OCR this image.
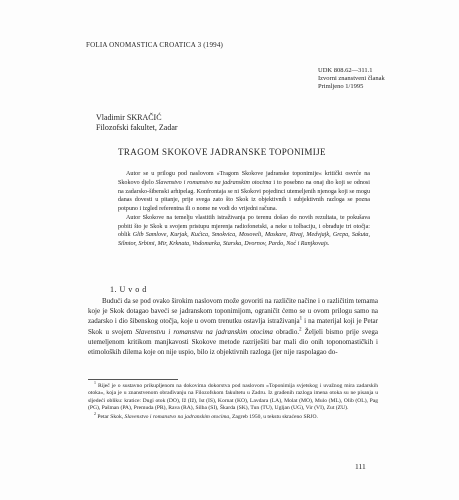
FOLIA ONOMASTICA CROATICA 3 (1994)
UDK 808.62—311.1
Izvorni znanstveni članak
Primljeno 1/1995
Vladimir SKRAČIĆ
Filozofski fakultet, Zadar
TRAGOM SKOKOVE JADRANSKE TOPONIMIJE

Autor se u prilogu pod naslovom »Tragom Skokove jadranske toponimije« kritički osvrće na Skokovo djelo Slavenstvo i romanstvo na jadranskim otocima i to posebno na onaj dio koji se odnosi na zadarsko-šibenski arhipelag. Konfrontaja se ni Skokovi pojedinci utemeljenih njenoga koji se mogu danas dovesti u pitanje, prije svega zato što Skok iz objektivnih i subjektivnih razloga se pozna potpuno i izgled referentna ili o nome ne vodi do vrijedni računa.

Autor Skokove na temelju vlastitih istraživanja po terenu došao do novih rezultata, te pokušava pobiti što je Skok u svojem pristupu mjerenja radiofonetski, a neke u tolbaciju, i obrađuje tri otočja: oblik Glib Samlove, Kurjak, Kućica, Smokvica, Mosoveli, Maskare, Rivaj, Medvjajk, Grcpa, Sakuta, Silmtor, Srbimi, Mir, Krknata, Vodomarka, Starska, Dvornov, Pardo, Noć i Ranjkovajs.

1. U v o d

Budući da se pod ovako širokim naslovom može govoriti na različite načine i o različitim temama koje je Skok dotagao baveći se jadranskom toponimijom, ograničit ćemo se u ovom prilogu samo na zadarsko i dio šibenskog otočja, koje u ovom trenutku ostavlja istraživanja$^1$ i na materijal koji je Petar Skok u svojem Slavenstvu i romanstvu na jadranskim otocima obradio.$^2$ Željeli bismo prije svega utemeljenom kritikom manjkavosti Skokove metode razriješiti bar mali dio onih toponomastičkih i etimoloških dilema koje on nije uspio, bilo iz objektivnih razloga (jer nije raspolagao do-

$^1$ Riječ je o sustavno prikupljenom na dokovima dokorstva pod naslovom »Toponimija svjetskog i uvažnog mira zadarskih otoka«, koja je u znanstvenom obrađivanju na Filozofskom fakultetu u Zadru. Iz građenih razloga imena otoka su ne pisanja u sljedeći obliku: kratice: Dugi otok (DO), Iž (Iž), Ist (IS), Kornat (KO), Lavdara (LA), Molat (MO), Mulo (ML), Olib (OL), Pag (PG), Pašman (PA), Premuda (PR), Rava (RA), Silba (SI), Škarda (SK), Tun (TU), Ugljan (UG), Vir (VI), Zut (ZU).

$^2$ Petar Skok, Slavenstvo i romanstvo na jadranskim otocima, Zagreb 1950, u tekstu skraćeno SRJO.

111
